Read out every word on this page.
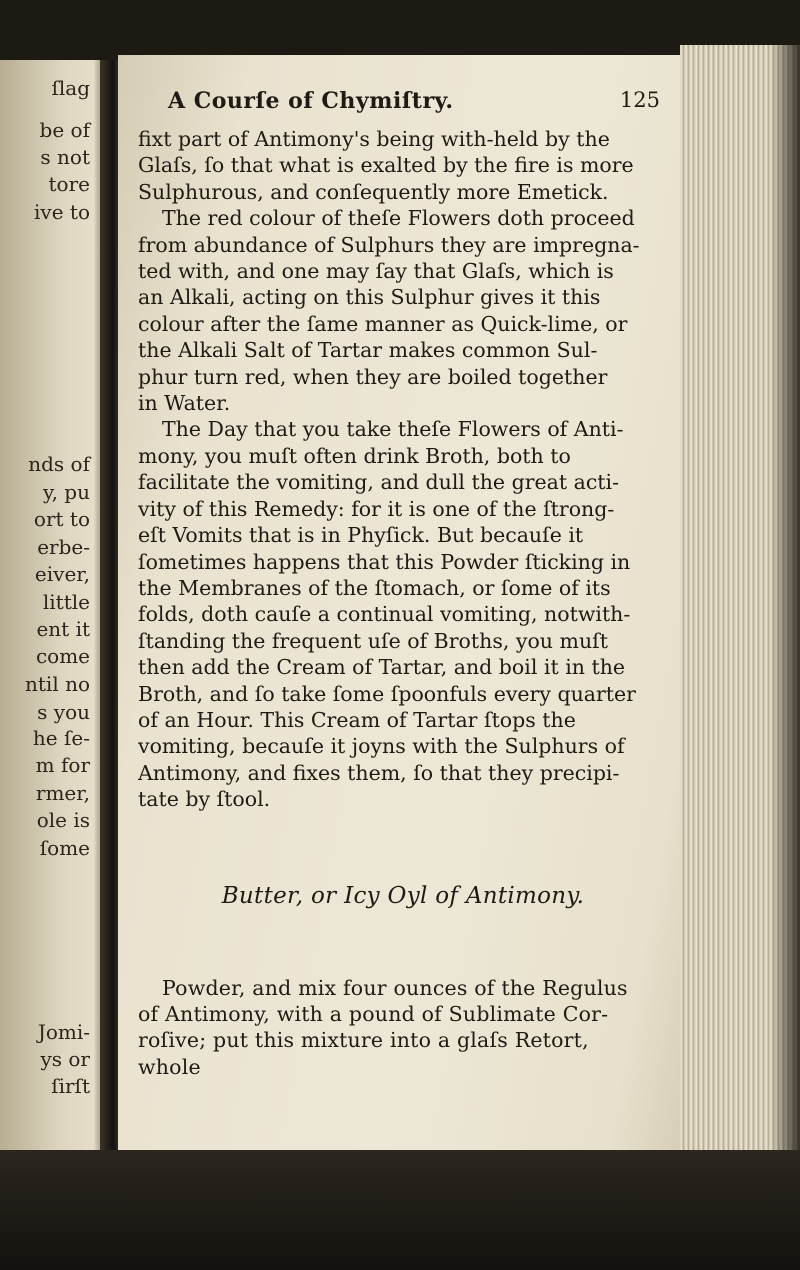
ſlag
be of
s not
tore
ive to
nds of
y, pu
ort to
erbe-
eiver,
little
ent it
come
ntil no
s you
he ſe-
m for
rmer,
ole is
ſome
Jomi-
ys or
ſirſt
A Courſe of Chymiſtry.	125

fixt part of Antimony's being with-held by the
Glaſs, ſo that what is exalted by the fire is more
Sulphurous, and conſequently more Emetick.

The red colour of theſe Flowers doth proceed
from abundance of Sulphurs they are impregna-
ted with, and one may ſay that Glaſs, which is
an Alkali, acting on this Sulphur gives it this
colour after the ſame manner as Quick-lime, or
the Alkali Salt of Tartar makes common Sul-
phur turn red, when they are boiled together
in Water.

The Day that you take theſe Flowers of Anti-
mony, you muſt often drink Broth, both to
facilitate the vomiting, and dull the great acti-
vity of this Remedy: for it is one of the ſtrong-
eſt Vomits that is in Phyſick. But becauſe it
ſometimes happens that this Powder ſticking in
the Membranes of the ſtomach, or ſome of its
folds, doth cauſe a continual vomiting, notwith-
ſtanding the frequent uſe of Broths, you muſt
then add the Cream of Tartar, and boil it in the
Broth, and ſo take ſome ſpoonfuls every quarter
of an Hour. This Cream of Tartar ſtops the
vomiting, becauſe it joyns with the Sulphurs of
Antimony, and fixes them, ſo that they precipi-
tate by ſtool.

Butter, or Icy Oyl of Antimony.

Powder, and mix four ounces of the Regulus
of Antimony, with a pound of Sublimate Cor-
roſive; put this mixture into a glaſs Retort,
whole
